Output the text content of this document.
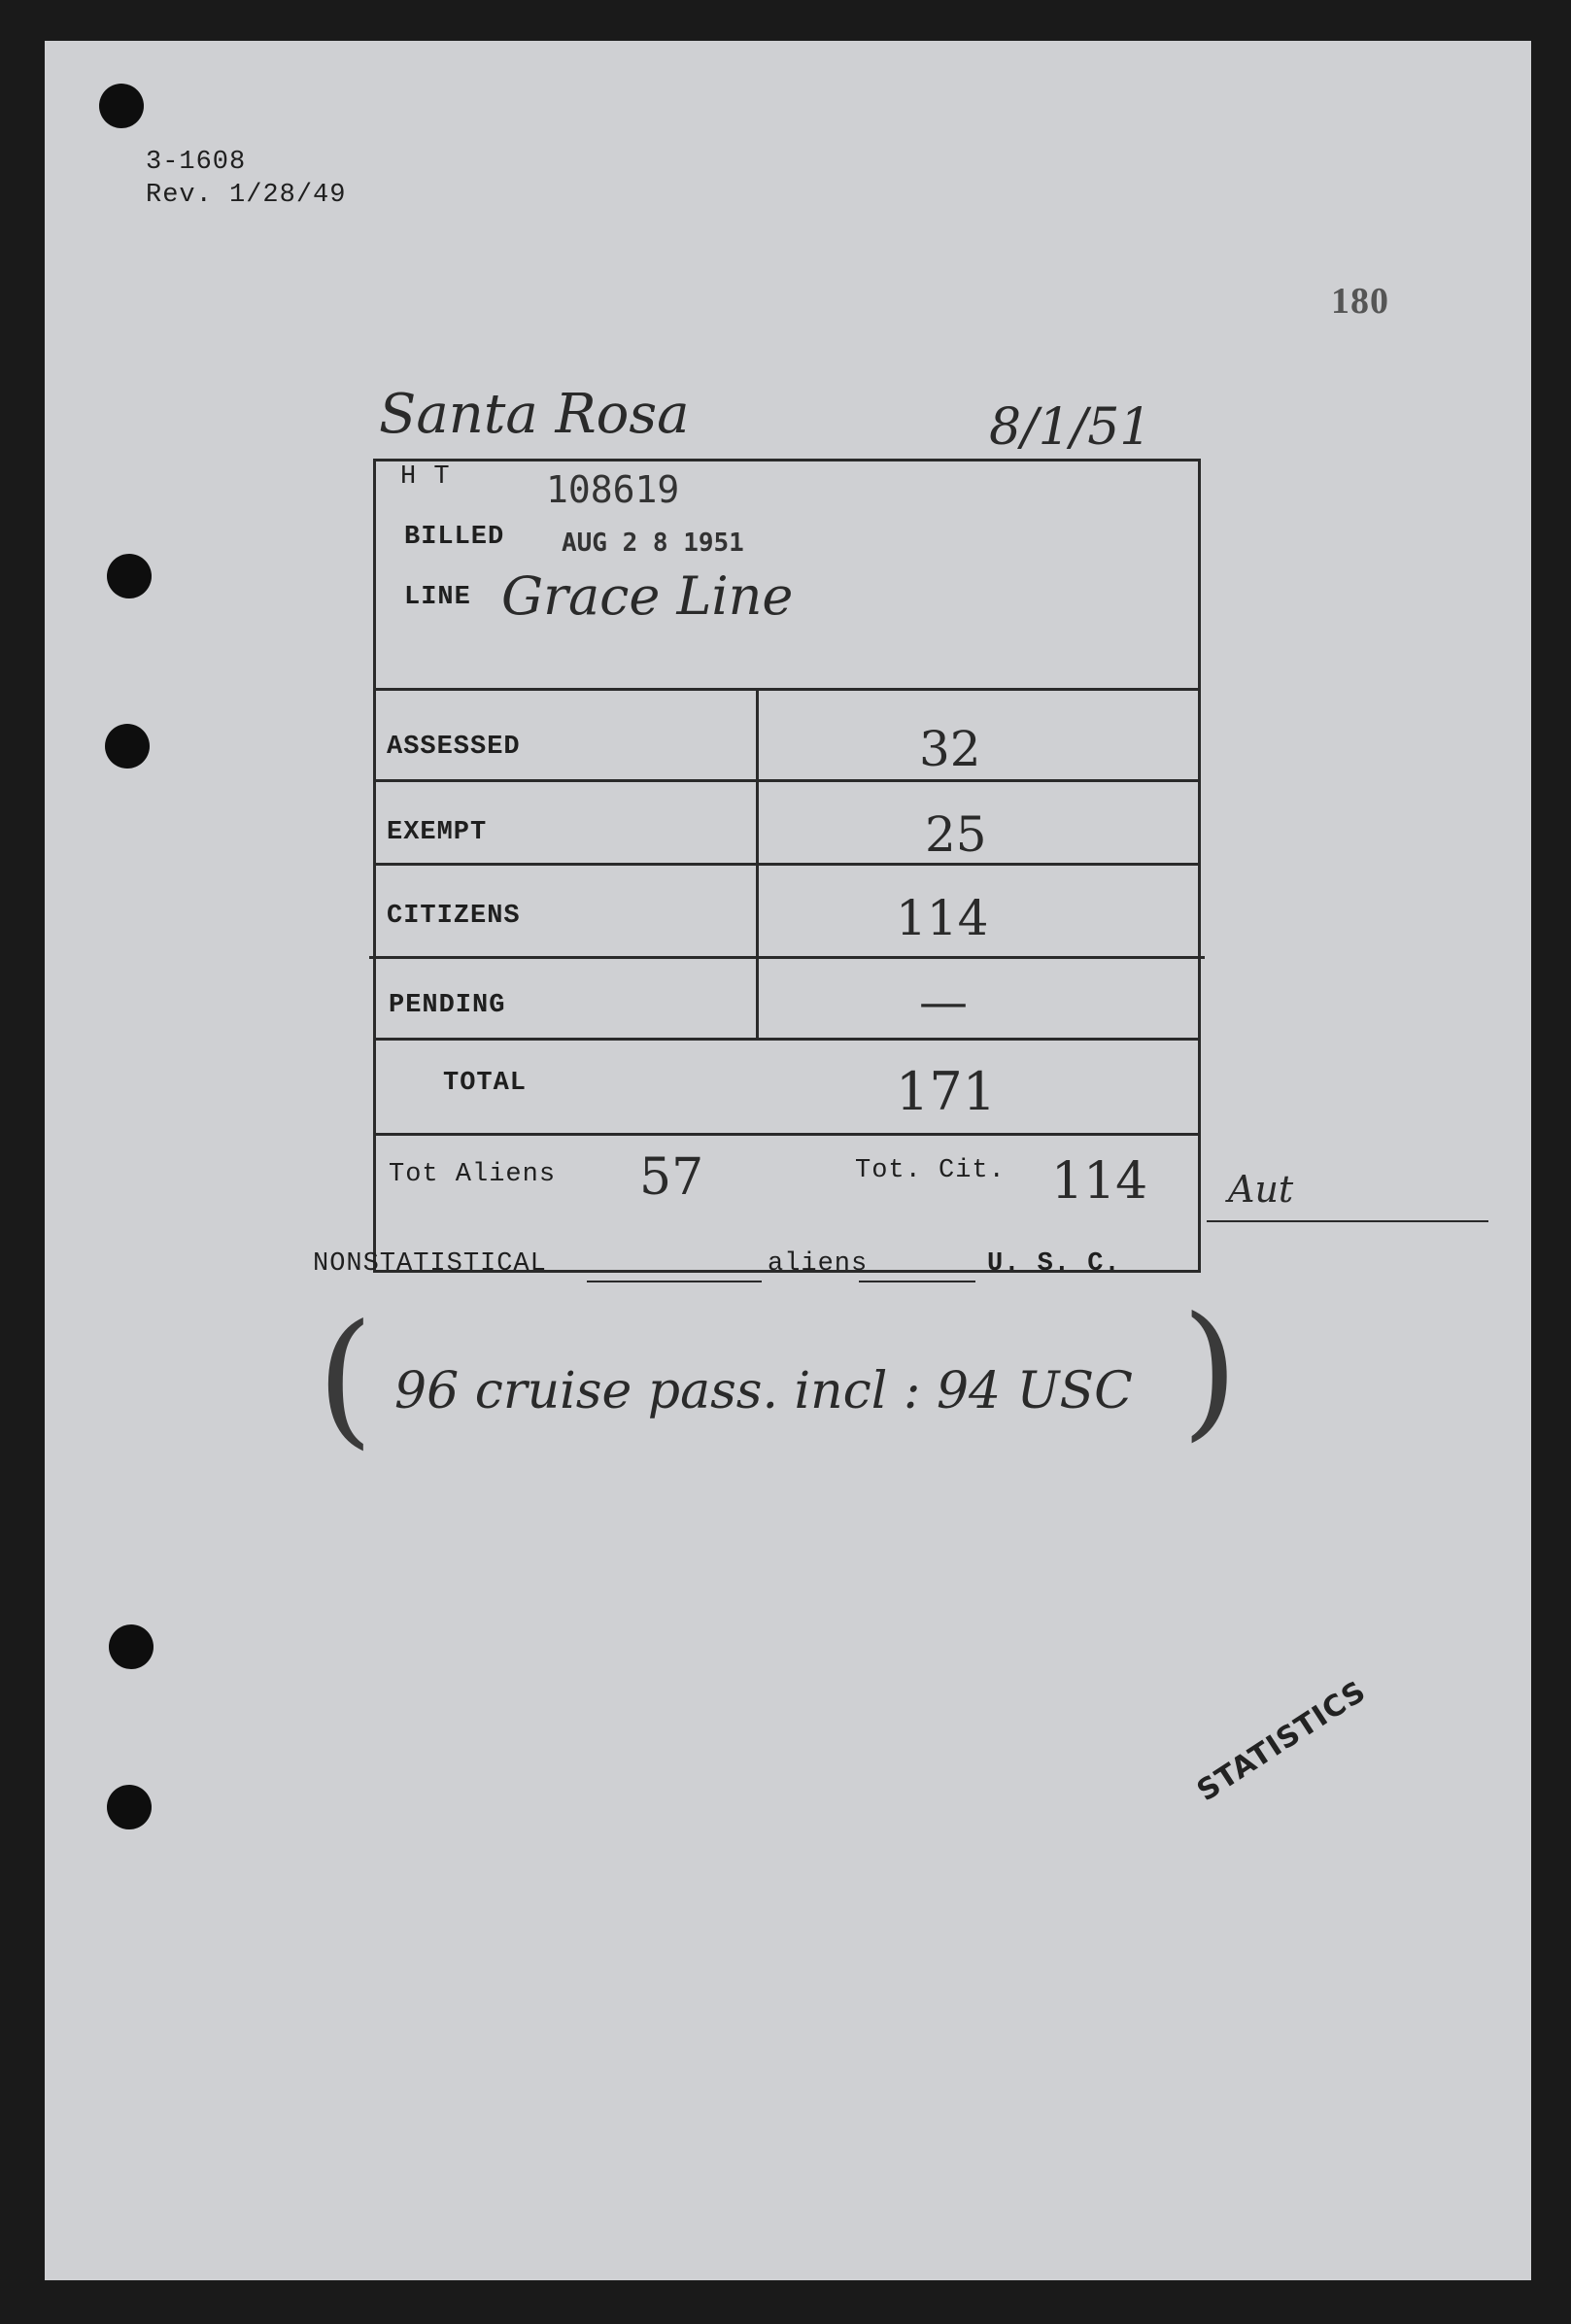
3-1608
Rev. 1/28/49
180
Santa Rosa	8/1/51
H T	108619
BILLED AUG 2 8 1951
LINE Grace Line
ASSESSED	32
EXEMPT	25
CITIZENS	114
PENDING	—
TOTAL	171
Tot Aliens 57	Tot. Cit. 114 Aut
NONSTATISTICAL	aliens	U. S. C.
( 96 cruise pass. incl : 94 USC )
STATISTICS
